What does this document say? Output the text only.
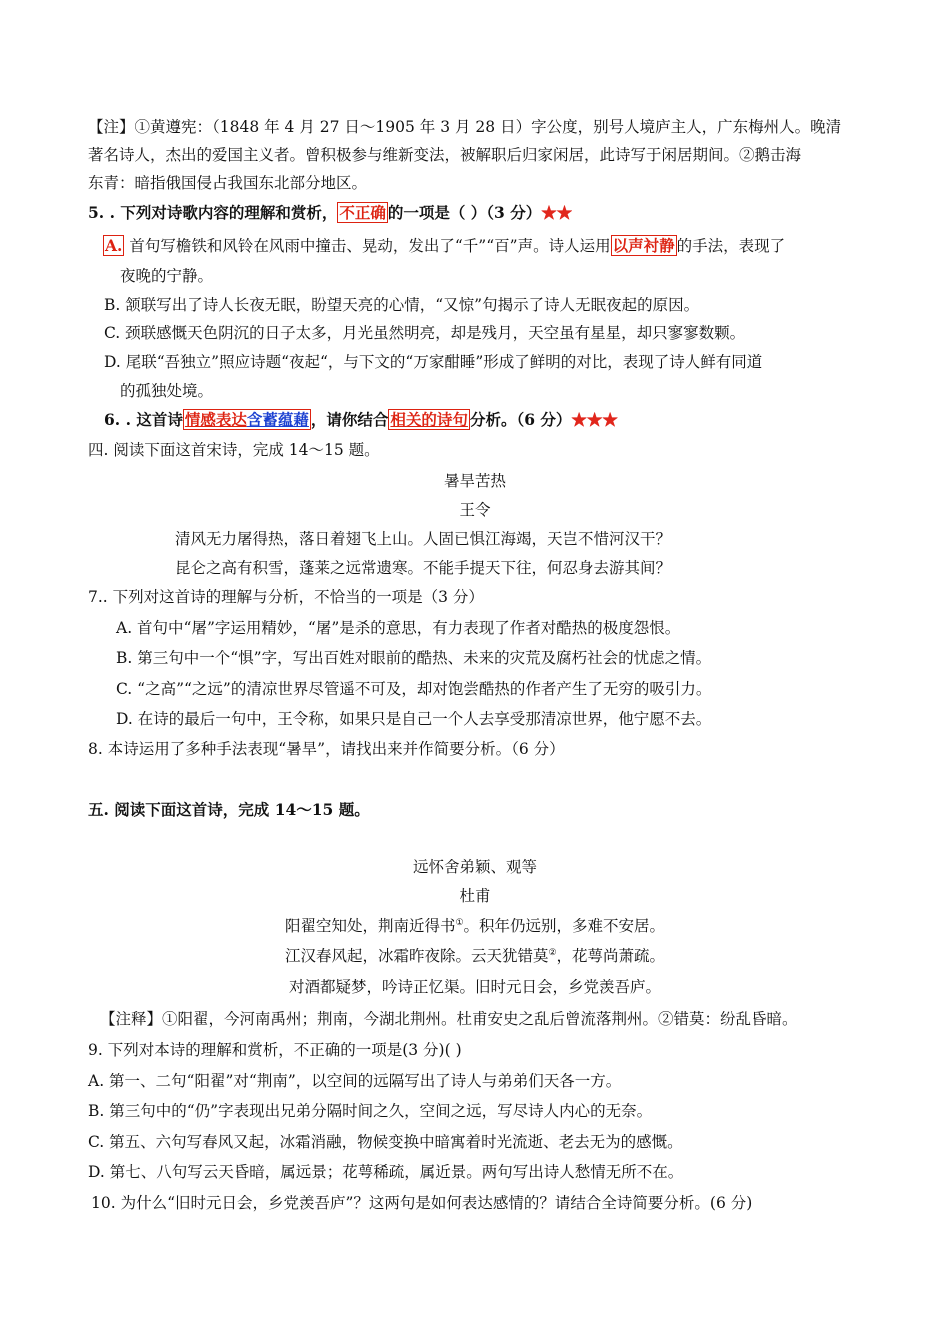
【注】①黄遵宪：（1848 年 4 月 27 日～1905 年 3 月 28 日）字公度，别号人境庐主人，广东梅州人。晚清
著名诗人，杰出的爱国主义者。曾积极参与维新变法，被解职后归家闲居，此诗写于闲居期间。②鹅击海
东青：暗指俄国侵占我国东北部分地区。
5. . 下列对诗歌内容的理解和赏析， 不正确 的一项是（ ）（3 分）★★
A. 首句写檐铁和风铃在风雨中撞击、晃动，发出了“千”“百”声。诗人运用 以声衬静 的手法，表现了
夜晚的宁静。
B. 颔联写出了诗人长夜无眠，盼望天亮的心情，“又惊”句揭示了诗人无眠夜起的原因。
C. 颈联感慨天色阴沉的日子太多，月光虽然明亮，却是残月，天空虽有星星，却只寥寥数颗。
D. 尾联“吾独立”照应诗题“夜起“，与下文的“万家酣睡”形成了鲜明的对比，表现了诗人鲜有同道
的孤独处境。
6. . 这首诗 情感表达含蓄蕴藉 ，请你结合 相关的诗句 分析。（6 分）★★★
四. 阅读下面这首宋诗，完成 14〜15 题。
暑旱苦热
王令
清风无力屠得热，落日着翅飞上山。人固已惧江海竭，天岂不惜河汉干？
昆仑之高有积雪，蓬莱之远常遗寒。不能手提天下往，何忍身去游其间？
7.. 下列对这首诗的理解与分析，不恰当的一项是（3 分）
A. 首句中“屠”字运用精妙，“屠”是杀的意思，有力表现了作者对酷热的极度怨恨。
B. 第三句中一个“惧”字，写出百姓对眼前的酷热、未来的灾荒及腐朽社会的忧虑之情。
C. “之高”“之远”的清凉世界尽管遥不可及，却对饱尝酷热的作者产生了无穷的吸引力。
D. 在诗的最后一句中，王令称，如果只是自己一个人去享受那清凉世界，他宁愿不去。
8. 本诗运用了多种手法表现“暑旱”，请找出来并作简要分析。（6 分）
五. 阅读下面这首诗，完成 14～15 题。
远怀舍弟颖、观等
杜甫
阳翟空知处，荆南近得书①。积年仍远别，多难不安居。
江汉春风起，冰霜昨夜除。云天犹错莫②，花萼尚萧疏。
对酒都疑梦，吟诗正忆渠。旧时元日会，乡党羡吾庐。
【注释】①阳翟，今河南禹州；荆南，今湖北荆州。杜甫安史之乱后曾流落荆州。②错莫：纷乱昏暗。
9. 下列对本诗的理解和赏析，不正确的一项是(3 分)( )
A. 第一、二句“阳翟”对“荆南”，以空间的远隔写出了诗人与弟弟们天各一方。
B. 第三句中的“仍”字表现出兄弟分隔时间之久，空间之远，写尽诗人内心的无奈。
C. 第五、六句写春风又起，冰霜消融，物候变换中暗寓着时光流逝、老去无为的感慨。
D. 第七、八句写云天昏暗，属远景；花萼稀疏，属近景。两句写出诗人愁情无所不在。
10. 为什么“旧时元日会，乡党羡吾庐”？这两句是如何表达感情的？请结合全诗简要分析。(6 分)
